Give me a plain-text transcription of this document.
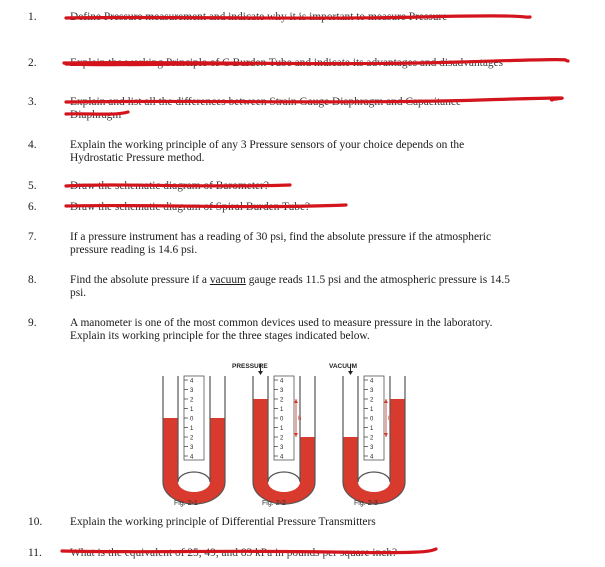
1.	Define Pressure measurement and indicate why it is important to measure Pressure
2.	Explain the working Principle of C Burden Tube and indicate its advantages and disadvantages
3.	Explain and list all the differences between Strain Gauge Diaphragm and Capacitance
Diaphragm
4.	Explain the working principle of any 3 Pressure sensors of your choice depends on the
Hydrostatic Pressure method.
5.	Draw the schematic diagram of Barometer?
6.	Draw the schematic diagram of Spiral Burden Tube?
7.	If a pressure instrument has a reading of 30 psi, find the absolute pressure if the atmospheric
pressure reading is 14.6 psi.
8.	Find the absolute pressure if a vacuum gauge reads 11.5 psi and the atmospheric pressure is 14.5
psi.
9.	A manometer is one of the most common devices used to measure pressure in the laboratory.
Explain its working principle for the three stages indicated below.
4
3
2
1
0
1
2
3
4
4
3
2
1
0
1
2
3
4
h
4
3
2
1
0
1
2
3
4
h
PRESSURE	VACUUM
Fig. 2-1	Fig. 2-2	Fig. 2-3
10.	Explain the working principle of Differential Pressure Transmitters
11.	What is the equivalent of 25, 49, and 83 kPa in pounds per square inch?
